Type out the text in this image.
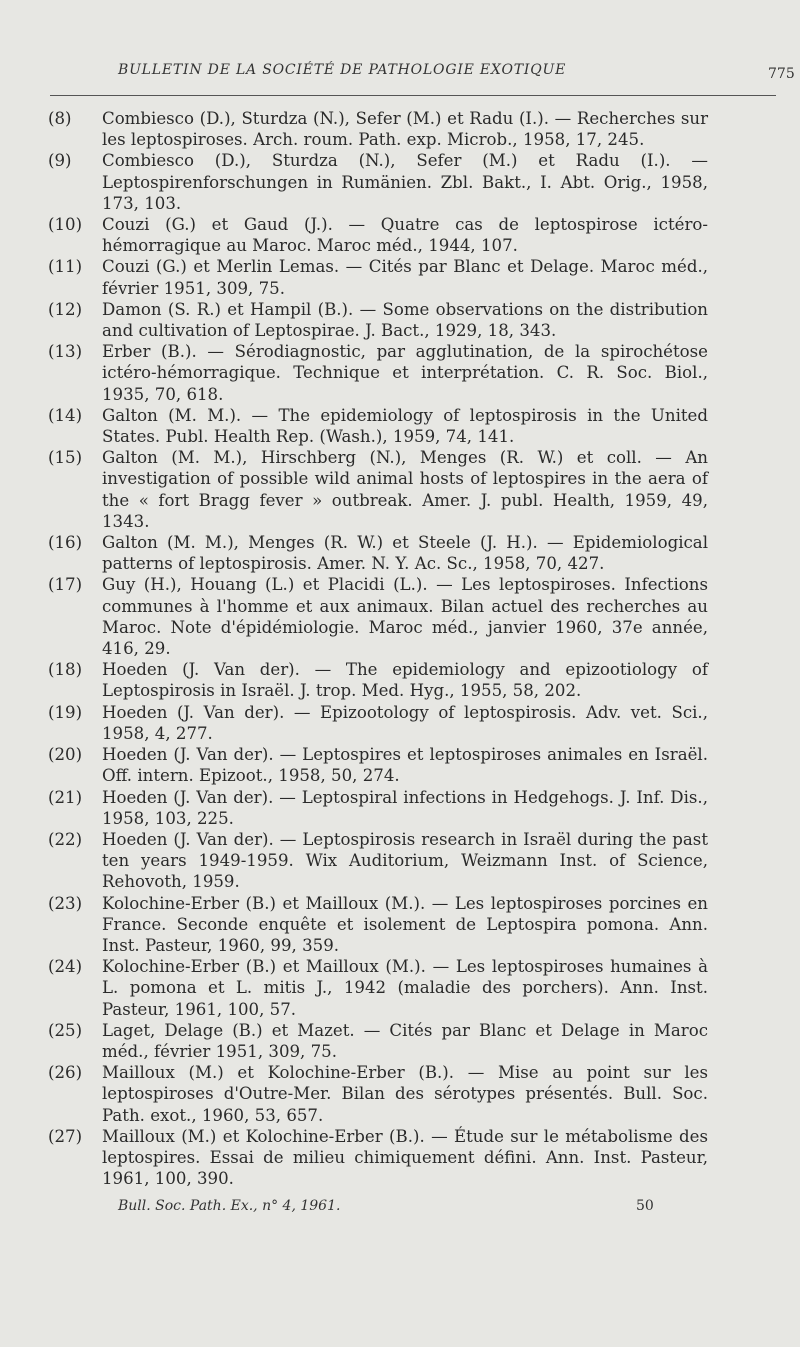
BULLETIN DE LA SOCIÉTÉ DE PATHOLOGIE EXOTIQUE	775
(8)	Combiesco (D.), Sturdza (N.), Sefer (M.) et Radu (I.). — Recherches sur les leptospiroses. Arch. roum. Path. exp. Microb., 1958, 17, 245.
(9)	Combiesco (D.), Sturdza (N.), Sefer (M.) et Radu (I.). — Leptospirenforschungen in Rumänien. Zbl. Bakt., I. Abt. Orig., 1958, 173, 103.
(10)	Couzi (G.) et Gaud (J.). — Quatre cas de leptospirose ictéro-hémorragique au Maroc. Maroc méd., 1944, 107.
(11)	Couzi (G.) et Merlin Lemas. — Cités par Blanc et Delage. Maroc méd., février 1951, 309, 75.
(12)	Damon (S. R.) et Hampil (B.). — Some observations on the distribution and cultivation of Leptospirae. J. Bact., 1929, 18, 343.
(13)	Erber (B.). — Sérodiagnostic, par agglutination, de la spirochétose ictéro-hémorragique. Technique et interprétation. C. R. Soc. Biol., 1935, 70, 618.
(14)	Galton (M. M.). — The epidemiology of leptospirosis in the United States. Publ. Health Rep. (Wash.), 1959, 74, 141.
(15)	Galton (M. M.), Hirschberg (N.), Menges (R. W.) et coll. — An investigation of possible wild animal hosts of leptospires in the aera of the « fort Bragg fever » outbreak. Amer. J. publ. Health, 1959, 49, 1343.
(16)	Galton (M. M.), Menges (R. W.) et Steele (J. H.). — Epidemiological patterns of leptospirosis. Amer. N. Y. Ac. Sc., 1958, 70, 427.
(17)	Guy (H.), Houang (L.) et Placidi (L.). — Les leptospiroses. Infections communes à l'homme et aux animaux. Bilan actuel des recherches au Maroc. Note d'épidémiologie. Maroc méd., janvier 1960, 37e année, 416, 29.
(18)	Hoeden (J. Van der). — The epidemiology and epizootiology of Leptospirosis in Israël. J. trop. Med. Hyg., 1955, 58, 202.
(19)	Hoeden (J. Van der). — Epizootology of leptospirosis. Adv. vet. Sci., 1958, 4, 277.
(20)	Hoeden (J. Van der). — Leptospires et leptospiroses animales en Israël. Off. intern. Epizoot., 1958, 50, 274.
(21)	Hoeden (J. Van der). — Leptospiral infections in Hedgehogs. J. Inf. Dis., 1958, 103, 225.
(22)	Hoeden (J. Van der). — Leptospirosis research in Israël during the past ten years 1949-1959. Wix Auditorium, Weizmann Inst. of Science, Rehovoth, 1959.
(23)	Kolochine-Erber (B.) et Mailloux (M.). — Les leptospiroses porcines en France. Seconde enquête et isolement de Leptospira pomona. Ann. Inst. Pasteur, 1960, 99, 359.
(24)	Kolochine-Erber (B.) et Mailloux (M.). — Les leptospiroses humaines à L. pomona et L. mitis J., 1942 (maladie des porchers). Ann. Inst. Pasteur, 1961, 100, 57.
(25)	Laget, Delage (B.) et Mazet. — Cités par Blanc et Delage in Maroc méd., février 1951, 309, 75.
(26)	Mailloux (M.) et Kolochine-Erber (B.). — Mise au point sur les leptospiroses d'Outre-Mer. Bilan des sérotypes présentés. Bull. Soc. Path. exot., 1960, 53, 657.
(27)	Mailloux (M.) et Kolochine-Erber (B.). — Étude sur le métabolisme des leptospires. Essai de milieu chimiquement défini. Ann. Inst. Pasteur, 1961, 100, 390.
Bull. Soc. Path. Ex., n° 4, 1961.	50
